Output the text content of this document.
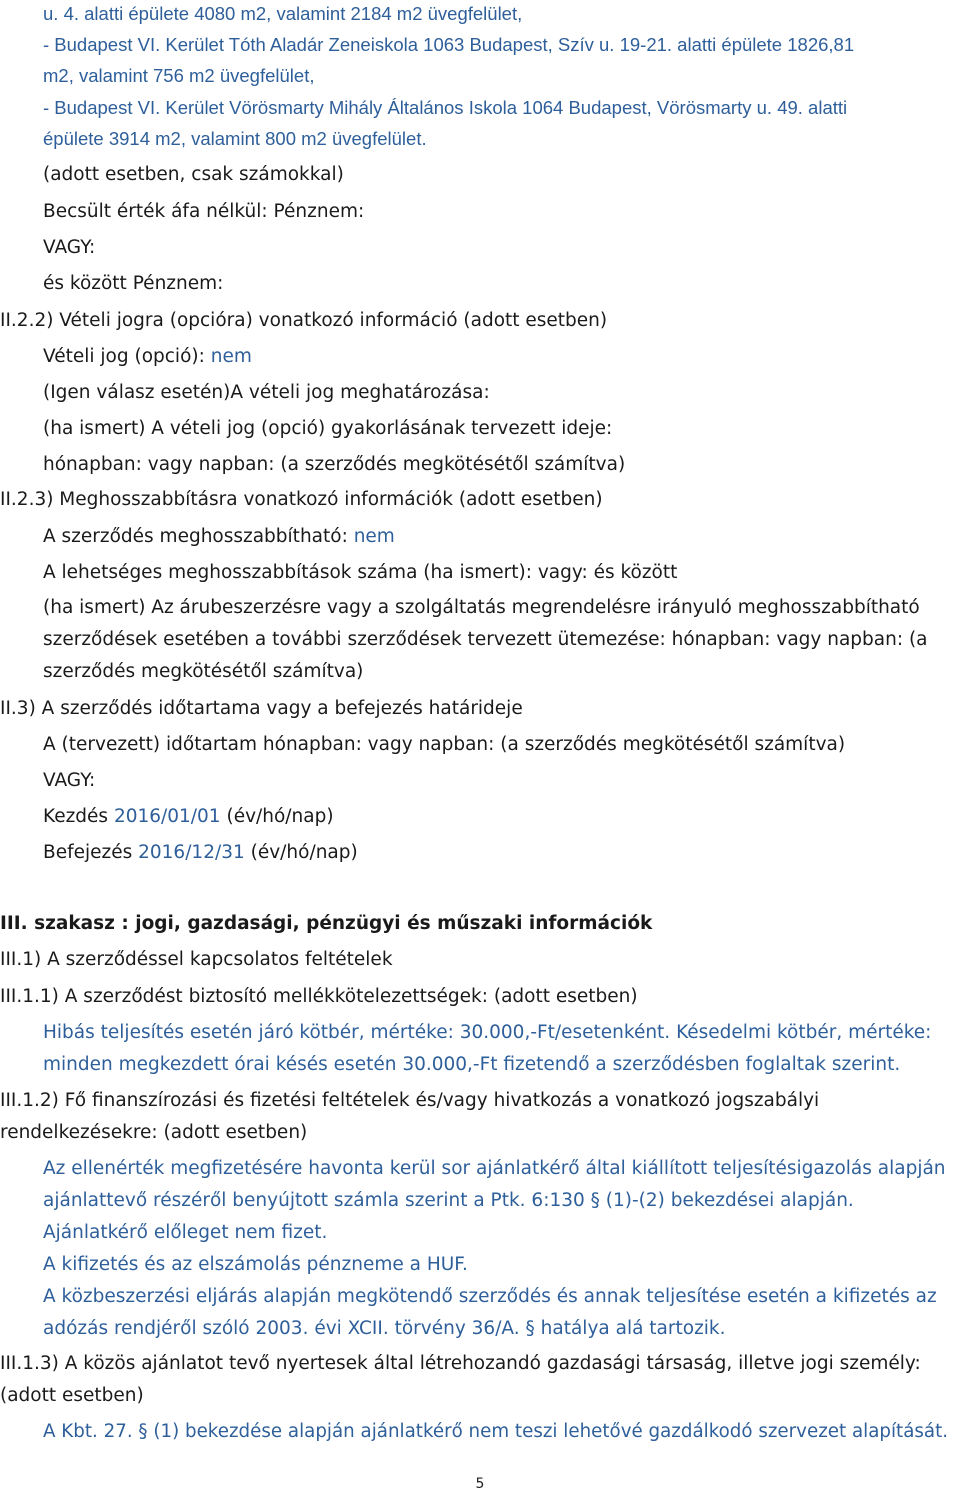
u. 4. alatti épülete 4080 m2, valamint 2184 m2 üvegfelület,
- Budapest VI. Kerület Tóth Aladár Zeneiskola 1063 Budapest, Szív u. 19-21. alatti épülete 1826,81
m2, valamint 756 m2 üvegfelület,
- Budapest VI. Kerület Vörösmarty Mihály Általános Iskola 1064 Budapest, Vörösmarty u. 49. alatti
épülete 3914 m2, valamint 800 m2 üvegfelület.
(adott esetben, csak számokkal)
Becsült érték áfa nélkül: Pénznem:
VAGY:
és között Pénznem:
II.2.2) Vételi jogra (opcióra) vonatkozó információ (adott esetben)
Vételi jog (opció): nem
(Igen válasz esetén)A vételi jog meghatározása:
(ha ismert) A vételi jog (opció) gyakorlásának tervezett ideje:
hónapban: vagy napban: (a szerződés megkötésétől számítva)
II.2.3) Meghosszabbításra vonatkozó információk (adott esetben)
A szerződés meghosszabbítható: nem
A lehetséges meghosszabbítások száma (ha ismert): vagy: és között
(ha ismert) Az árubeszerzésre vagy a szolgáltatás megrendelésre irányuló meghosszabbítható
szerződések esetében a további szerződések tervezett ütemezése: hónapban: vagy napban: (a
szerződés megkötésétől számítva)
II.3) A szerződés időtartama vagy a befejezés határideje
A (tervezett) időtartam hónapban: vagy napban: (a szerződés megkötésétől számítva)
VAGY:
Kezdés 2016/01/01 (év/hó/nap)
Befejezés 2016/12/31 (év/hó/nap)
III. szakasz : jogi, gazdasági, pénzügyi és műszaki információk
III.1) A szerződéssel kapcsolatos feltételek
III.1.1) A szerződést biztosító mellékkötelezettségek: (adott esetben)
Hibás teljesítés esetén járó kötbér, mértéke: 30.000,-Ft/esetenként. Késedelmi kötbér, mértéke:
minden megkezdett órai késés esetén 30.000,-Ft fizetendő a szerződésben foglaltak szerint.
III.1.2) Fő finanszírozási és fizetési feltételek és/vagy hivatkozás a vonatkozó jogszabályi
rendelkezésekre: (adott esetben)
Az ellenérték megfizetésére havonta kerül sor ajánlatkérő által kiállított teljesítésigazolás alapján
ajánlattevő részéről benyújtott számla szerint a Ptk. 6:130 § (1)-(2) bekezdései alapján.
Ajánlatkérő előleget nem fizet.
A kifizetés és az elszámolás pénzneme a HUF.
A közbeszerzési eljárás alapján megkötendő szerződés és annak teljesítése esetén a kifizetés az
adózás rendjéről szóló 2003. évi XCII. törvény 36/A. § hatálya alá tartozik.
III.1.3) A közös ajánlatot tevő nyertesek által létrehozandó gazdasági társaság, illetve jogi személy:
(adott esetben)
A Kbt. 27. § (1) bekezdése alapján ajánlatkérő nem teszi lehetővé gazdálkodó szervezet alapítását.
5
